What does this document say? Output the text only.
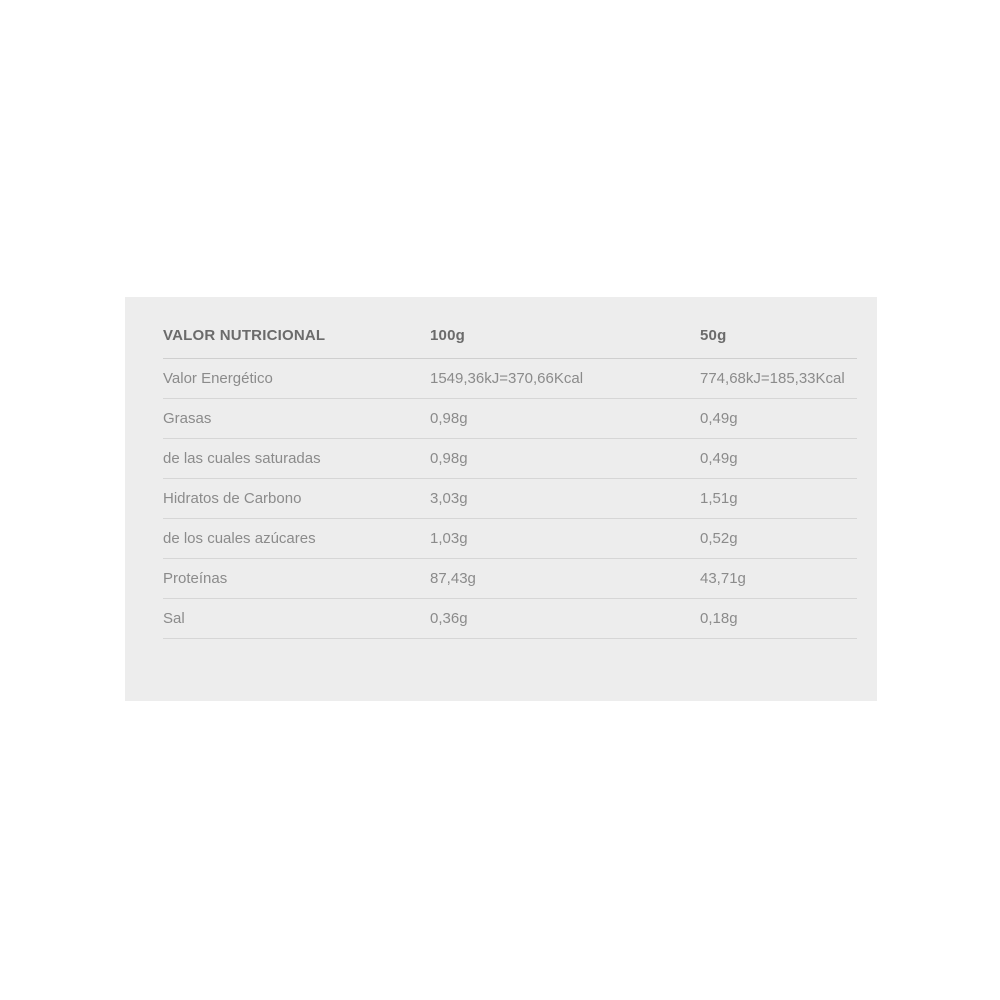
VALOR NUTRICIONAL	100g	50g
Valor Energético	1549,36kJ=370,66Kcal	774,68kJ=185,33Kcal
Grasas	0,98g	0,49g
de las cuales saturadas	0,98g	0,49g
Hidratos de Carbono	3,03g	1,51g
de los cuales azúcares	1,03g	0,52g
Proteínas	87,43g	43,71g
Sal	0,36g	0,18g
